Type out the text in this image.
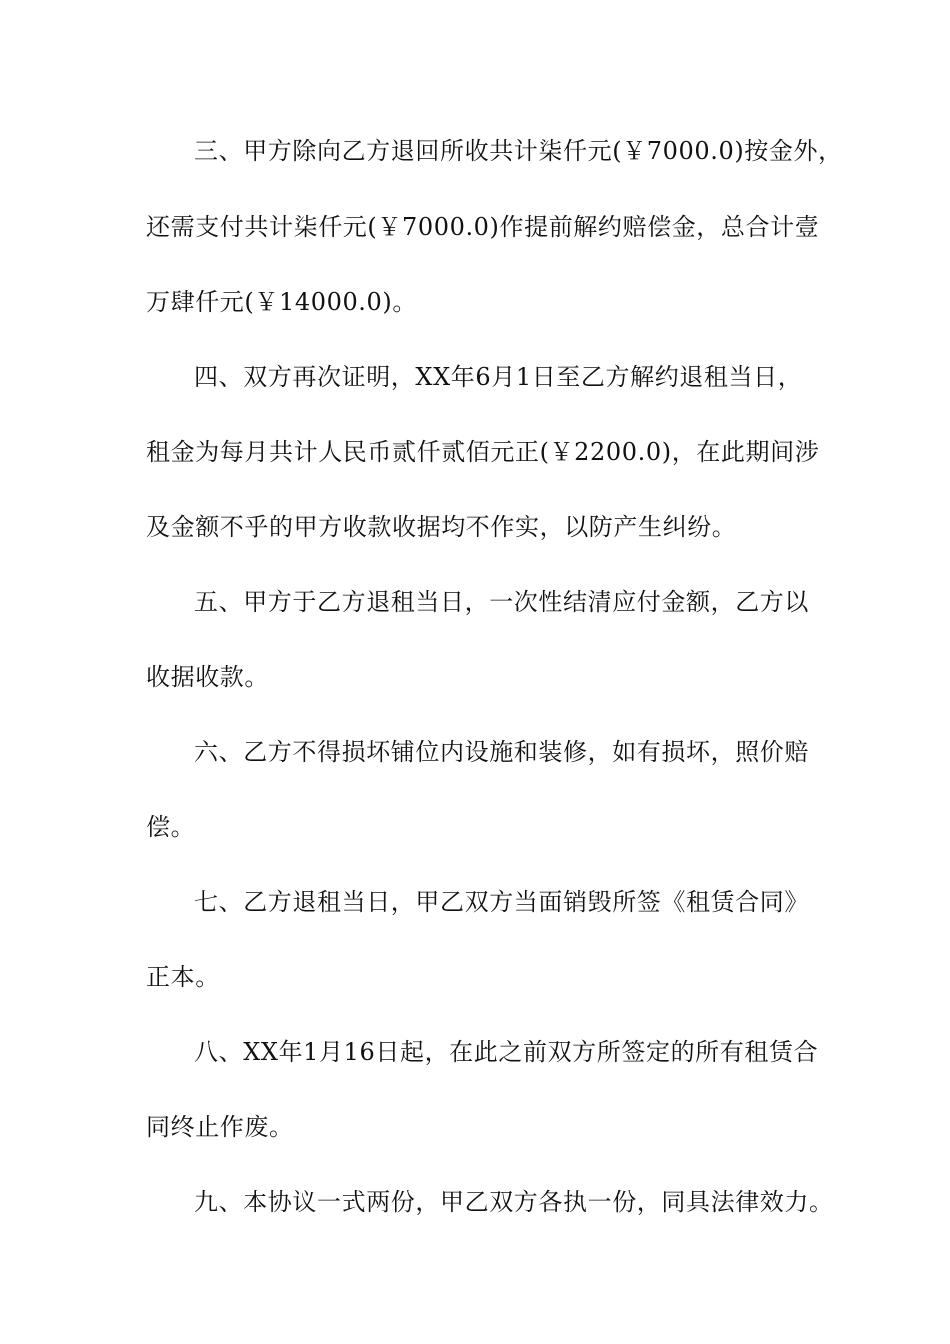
三、甲方除向乙方退回所收共计柒仟元(￥7000.0)按金外，
还需支付共计柒仟元(￥7000.0)作提前解约赔偿金，总合计壹
万肆仟元(￥14000.0)。
四、双方再次证明，XX年6月1日至乙方解约退租当日，
租金为每月共计人民币贰仟贰佰元正(￥2200.0)，在此期间涉
及金额不乎的甲方收款收据均不作实，以防产生纠纷。
五、甲方于乙方退租当日，一次性结清应付金额，乙方以
收据收款。
六、乙方不得损坏铺位内设施和装修，如有损坏，照价赔
偿。
七、乙方退租当日，甲乙双方当面销毁所签《租赁合同》
正本。
八、XX年1月16日起，在此之前双方所签定的所有租赁合
同终止作废。
九、本协议一式两份，甲乙双方各执一份，同具法律效力。
